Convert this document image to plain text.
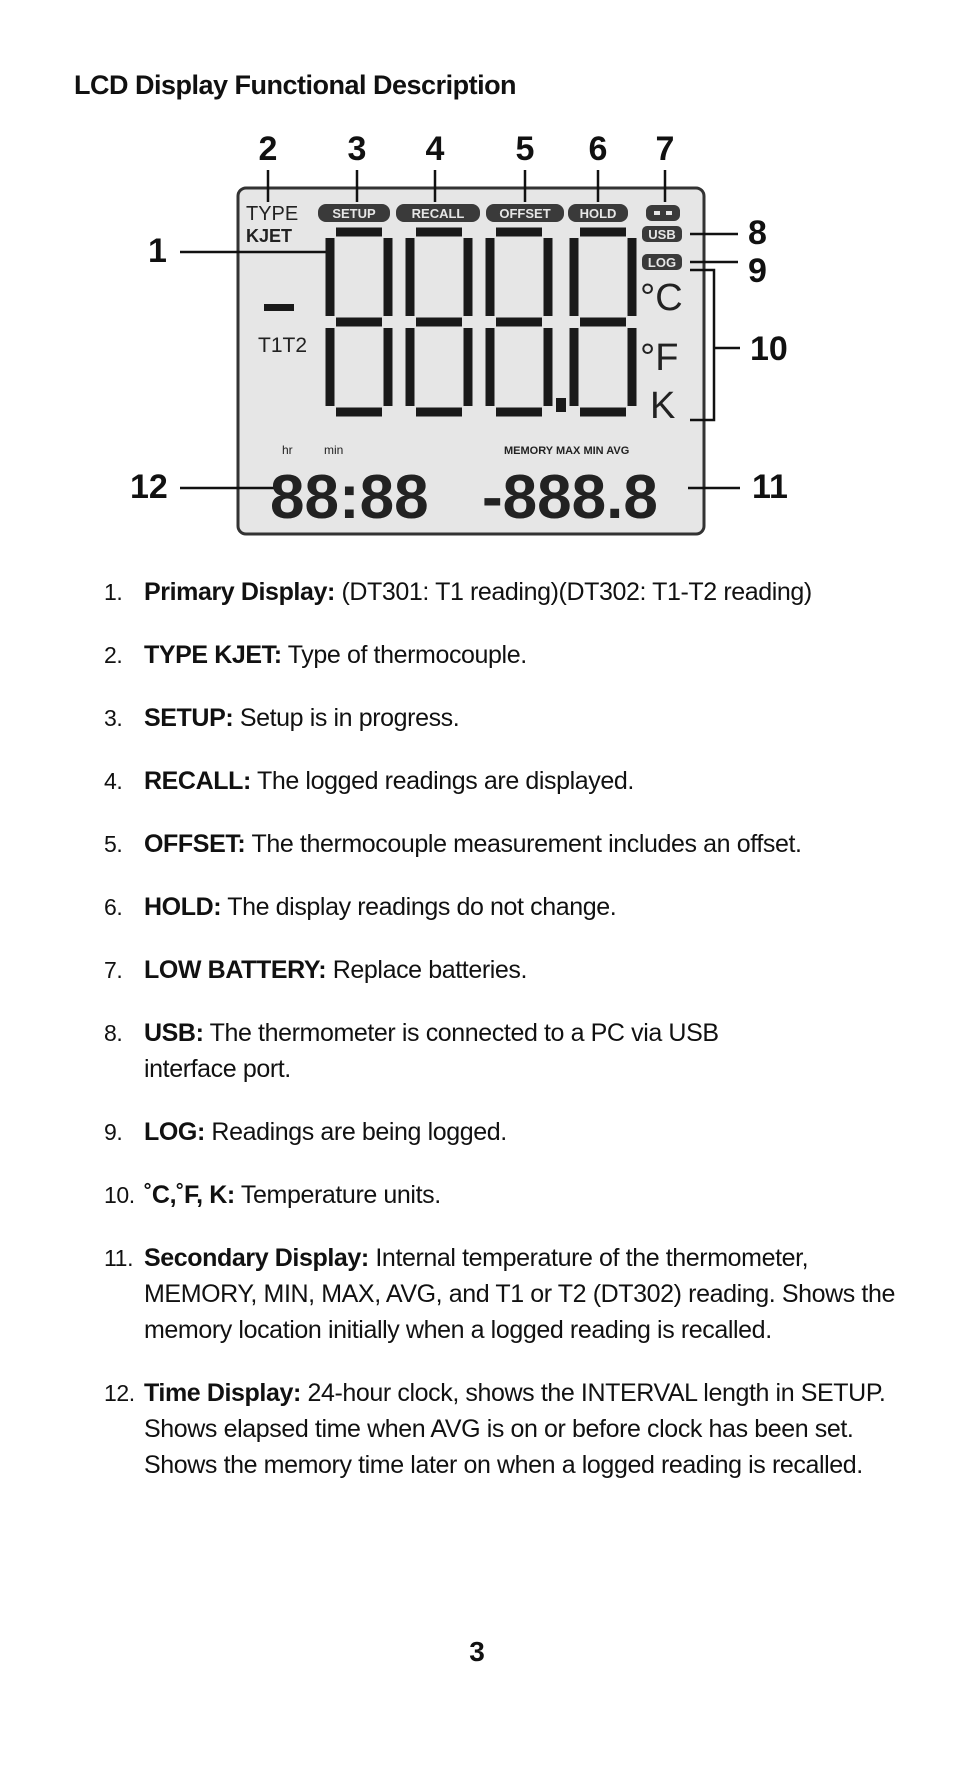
LCD Display Functional Description
2 3 4 5 6 7
1
12
8
9
10
11
TYPE
KJET
SETUP	RECALL	OFFSET HOLD
USB
LOG
°C
°F
K
T1T2
hr	min	MEMORY MAX MIN AVG
88:88 -888.8
1. Primary Display: (DT301: T1 reading)(DT302: T1-T2 reading)
2. TYPE KJET: Type of thermocouple.
3. SETUP: Setup is in progress.
4. RECALL: The logged readings are displayed.
5. OFFSET: The thermocouple measurement includes an offset.
6. HOLD: The display readings do not change.
7. LOW BATTERY: Replace batteries.
8. USB: The thermometer is connected to a PC via USB interface port.
9. LOG: Readings are being logged.
10. ˚C,˚F, K: Temperature units.
11. Secondary Display: Internal temperature of the thermometer, MEMORY, MIN, MAX, AVG, and T1 or T2 (DT302) reading. Shows the memory location initially when a logged reading is recalled.
12. Time Display: 24-hour clock, shows the INTERVAL length in SETUP. Shows elapsed time when AVG is on or before clock has been set. Shows the memory time later on when a logged reading is recalled.
3
